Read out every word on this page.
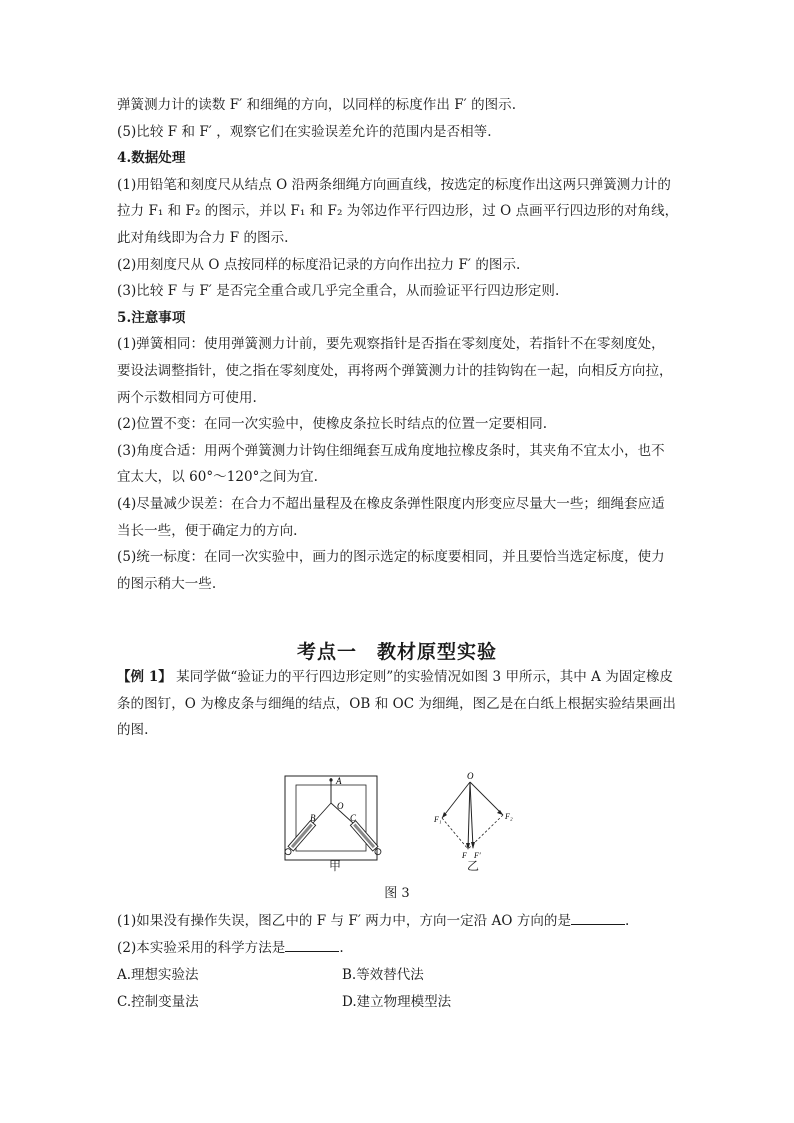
弹簧测力计的读数 F′ 和细绳的方向，以同样的标度作出 F′ 的图示.
(5)比较 F 和 F′ ，观察它们在实验误差允许的范围内是否相等.
4.数据处理
(1)用铅笔和刻度尺从结点 O 沿两条细绳方向画直线，按选定的标度作出这两只弹簧测力计的
拉力 F₁ 和 F₂ 的图示，并以 F₁ 和 F₂ 为邻边作平行四边形，过 O 点画平行四边形的对角线，
此对角线即为合力 F 的图示.
(2)用刻度尺从 O 点按同样的标度沿记录的方向作出拉力 F′ 的图示.
(3)比较 F 与 F′ 是否完全重合或几乎完全重合，从而验证平行四边形定则.
5.注意事项
(1)弹簧相同：使用弹簧测力计前，要先观察指针是否指在零刻度处，若指针不在零刻度处，
要设法调整指针，使之指在零刻度处，再将两个弹簧测力计的挂钩钩在一起，向相反方向拉，
两个示数相同方可使用.
(2)位置不变：在同一次实验中，使橡皮条拉长时结点的位置一定要相同.
(3)角度合适：用两个弹簧测力计钩住细绳套互成角度地拉橡皮条时，其夹角不宜太小，也不
宜太大，以 60°～120°之间为宜.
(4)尽量减少误差：在合力不超出量程及在橡皮条弹性限度内形变应尽量大一些；细绳套应适
当长一些，便于确定力的方向.
(5)统一标度：在同一次实验中，画力的图示选定的标度要相同，并且要恰当选定标度，使力
的图示稍大一些.
考点一　教材原型实验
【例 1】 某同学做“验证力的平行四边形定则”的实验情况如图 3 甲所示，其中 A 为固定橡皮
条的图钉，O 为橡皮条与细绳的结点，OB 和 OC 为细绳，图乙是在白纸上根据实验结果画出
的图.
A
O
B	C
O
F₁	F₂
F F′
甲	乙
图 3
(1)如果没有操作失误，图乙中的 F 与 F′ 两力中，方向一定沿 AO 方向的是	.
(2)本实验采用的科学方法是	.
A.理想实验法	B.等效替代法
C.控制变量法	D.建立物理模型法
